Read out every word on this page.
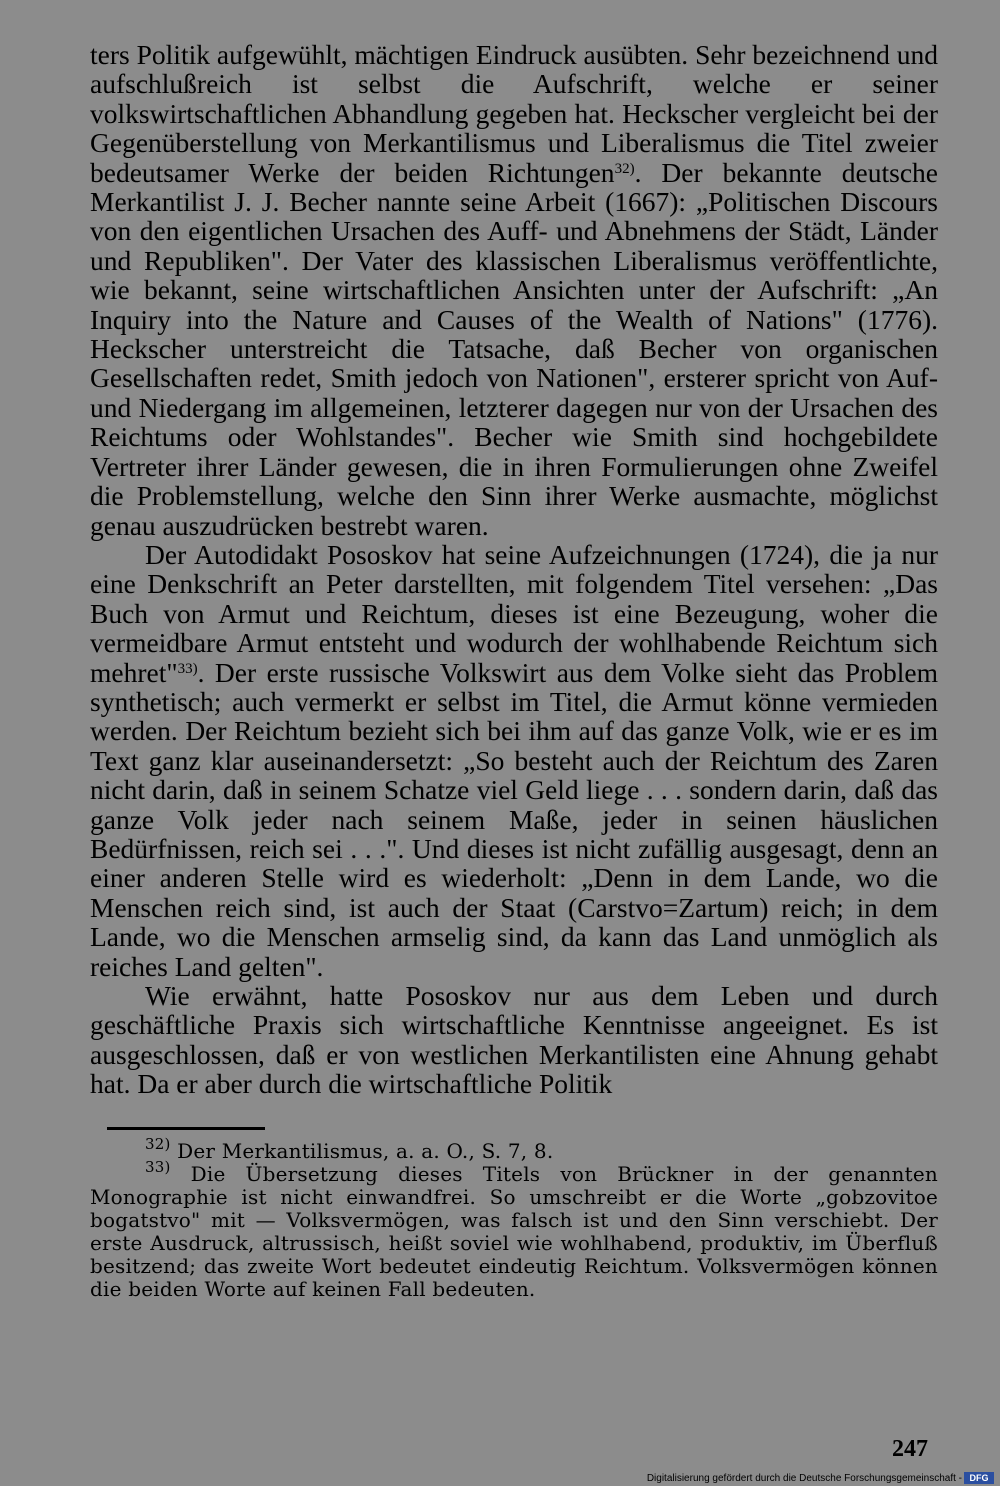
ters Politik aufgewühlt, mächtigen Eindruck ausübten. Sehr bezeichnend und aufschlußreich ist selbst die Aufschrift, welche er seiner volkswirtschaftlichen Abhandlung gegeben hat. Heckscher vergleicht bei der Gegenüberstellung von Merkantilismus und Liberalismus die Titel zweier bedeutsamer Werke der beiden Richtungen$^{32)}$. Der bekannte deutsche Merkantilist J. J. Becher nannte seine Arbeit (1667): „Politischen Discours von den eigentlichen Ursachen des Auff- und Abnehmens der Städt, Länder und Republiken". Der Vater des klassischen Liberalismus veröffentlichte, wie bekannt, seine wirtschaftlichen Ansichten unter der Aufschrift: „An Inquiry into the Nature and Causes of the Wealth of Nations" (1776). Heckscher unterstreicht die Tatsache, daß Becher von organischen Gesellschaften redet, Smith jedoch von Nationen", ersterer spricht von Auf- und Niedergang im allgemeinen, letzterer dagegen nur von der Ursachen des Reichtums oder Wohlstandes". Becher wie Smith sind hochgebildete Vertreter ihrer Länder gewesen, die in ihren Formulierungen ohne Zweifel die Problemstellung, welche den Sinn ihrer Werke ausmachte, möglichst genau auszudrücken bestrebt waren.

Der Autodidakt Pososkov hat seine Aufzeichnungen (1724), die ja nur eine Denkschrift an Peter darstellten, mit folgendem Titel versehen: „Das Buch von Armut und Reichtum, dieses ist eine Bezeugung, woher die vermeidbare Armut entsteht und wodurch der wohlhabende Reichtum sich mehret"$^{33)}$. Der erste russische Volkswirt aus dem Volke sieht das Problem synthetisch; auch vermerkt er selbst im Titel, die Armut könne vermieden werden. Der Reichtum bezieht sich bei ihm auf das ganze Volk, wie er es im Text ganz klar auseinandersetzt: „So besteht auch der Reichtum des Zaren nicht darin, daß in seinem Schatze viel Geld liege . . . sondern darin, daß das ganze Volk jeder nach seinem Maße, jeder in seinen häuslichen Bedürfnissen, reich sei . . .". Und dieses ist nicht zufällig ausgesagt, denn an einer anderen Stelle wird es wiederholt: „Denn in dem Lande, wo die Menschen reich sind, ist auch der Staat (Carstvo=Zartum) reich; in dem Lande, wo die Menschen armselig sind, da kann das Land unmöglich als reiches Land gelten".

Wie erwähnt, hatte Pososkov nur aus dem Leben und durch geschäftliche Praxis sich wirtschaftliche Kenntnisse angeeignet. Es ist ausgeschlossen, daß er von westlichen Merkantilisten eine Ahnung gehabt hat. Da er aber durch die wirtschaftliche Politik

$^{32)}$ Der Merkantilismus, a. a. O., S. 7, 8.

$^{33)}$ Die Übersetzung dieses Titels von Brückner in der genannten Monographie ist nicht einwandfrei. So umschreibt er die Worte „gobzovitoe bogatstvo" mit — Volksvermögen, was falsch ist und den Sinn verschiebt. Der erste Ausdruck, altrussisch, heißt soviel wie wohlhabend, produktiv, im Überfluß besitzend; das zweite Wort bedeutet eindeutig Reichtum. Volksvermögen können die beiden Worte auf keinen Fall bedeuten.

247
Digitalisierung gefördert durch die Deutsche Forschungsgemeinschaft - DFG
